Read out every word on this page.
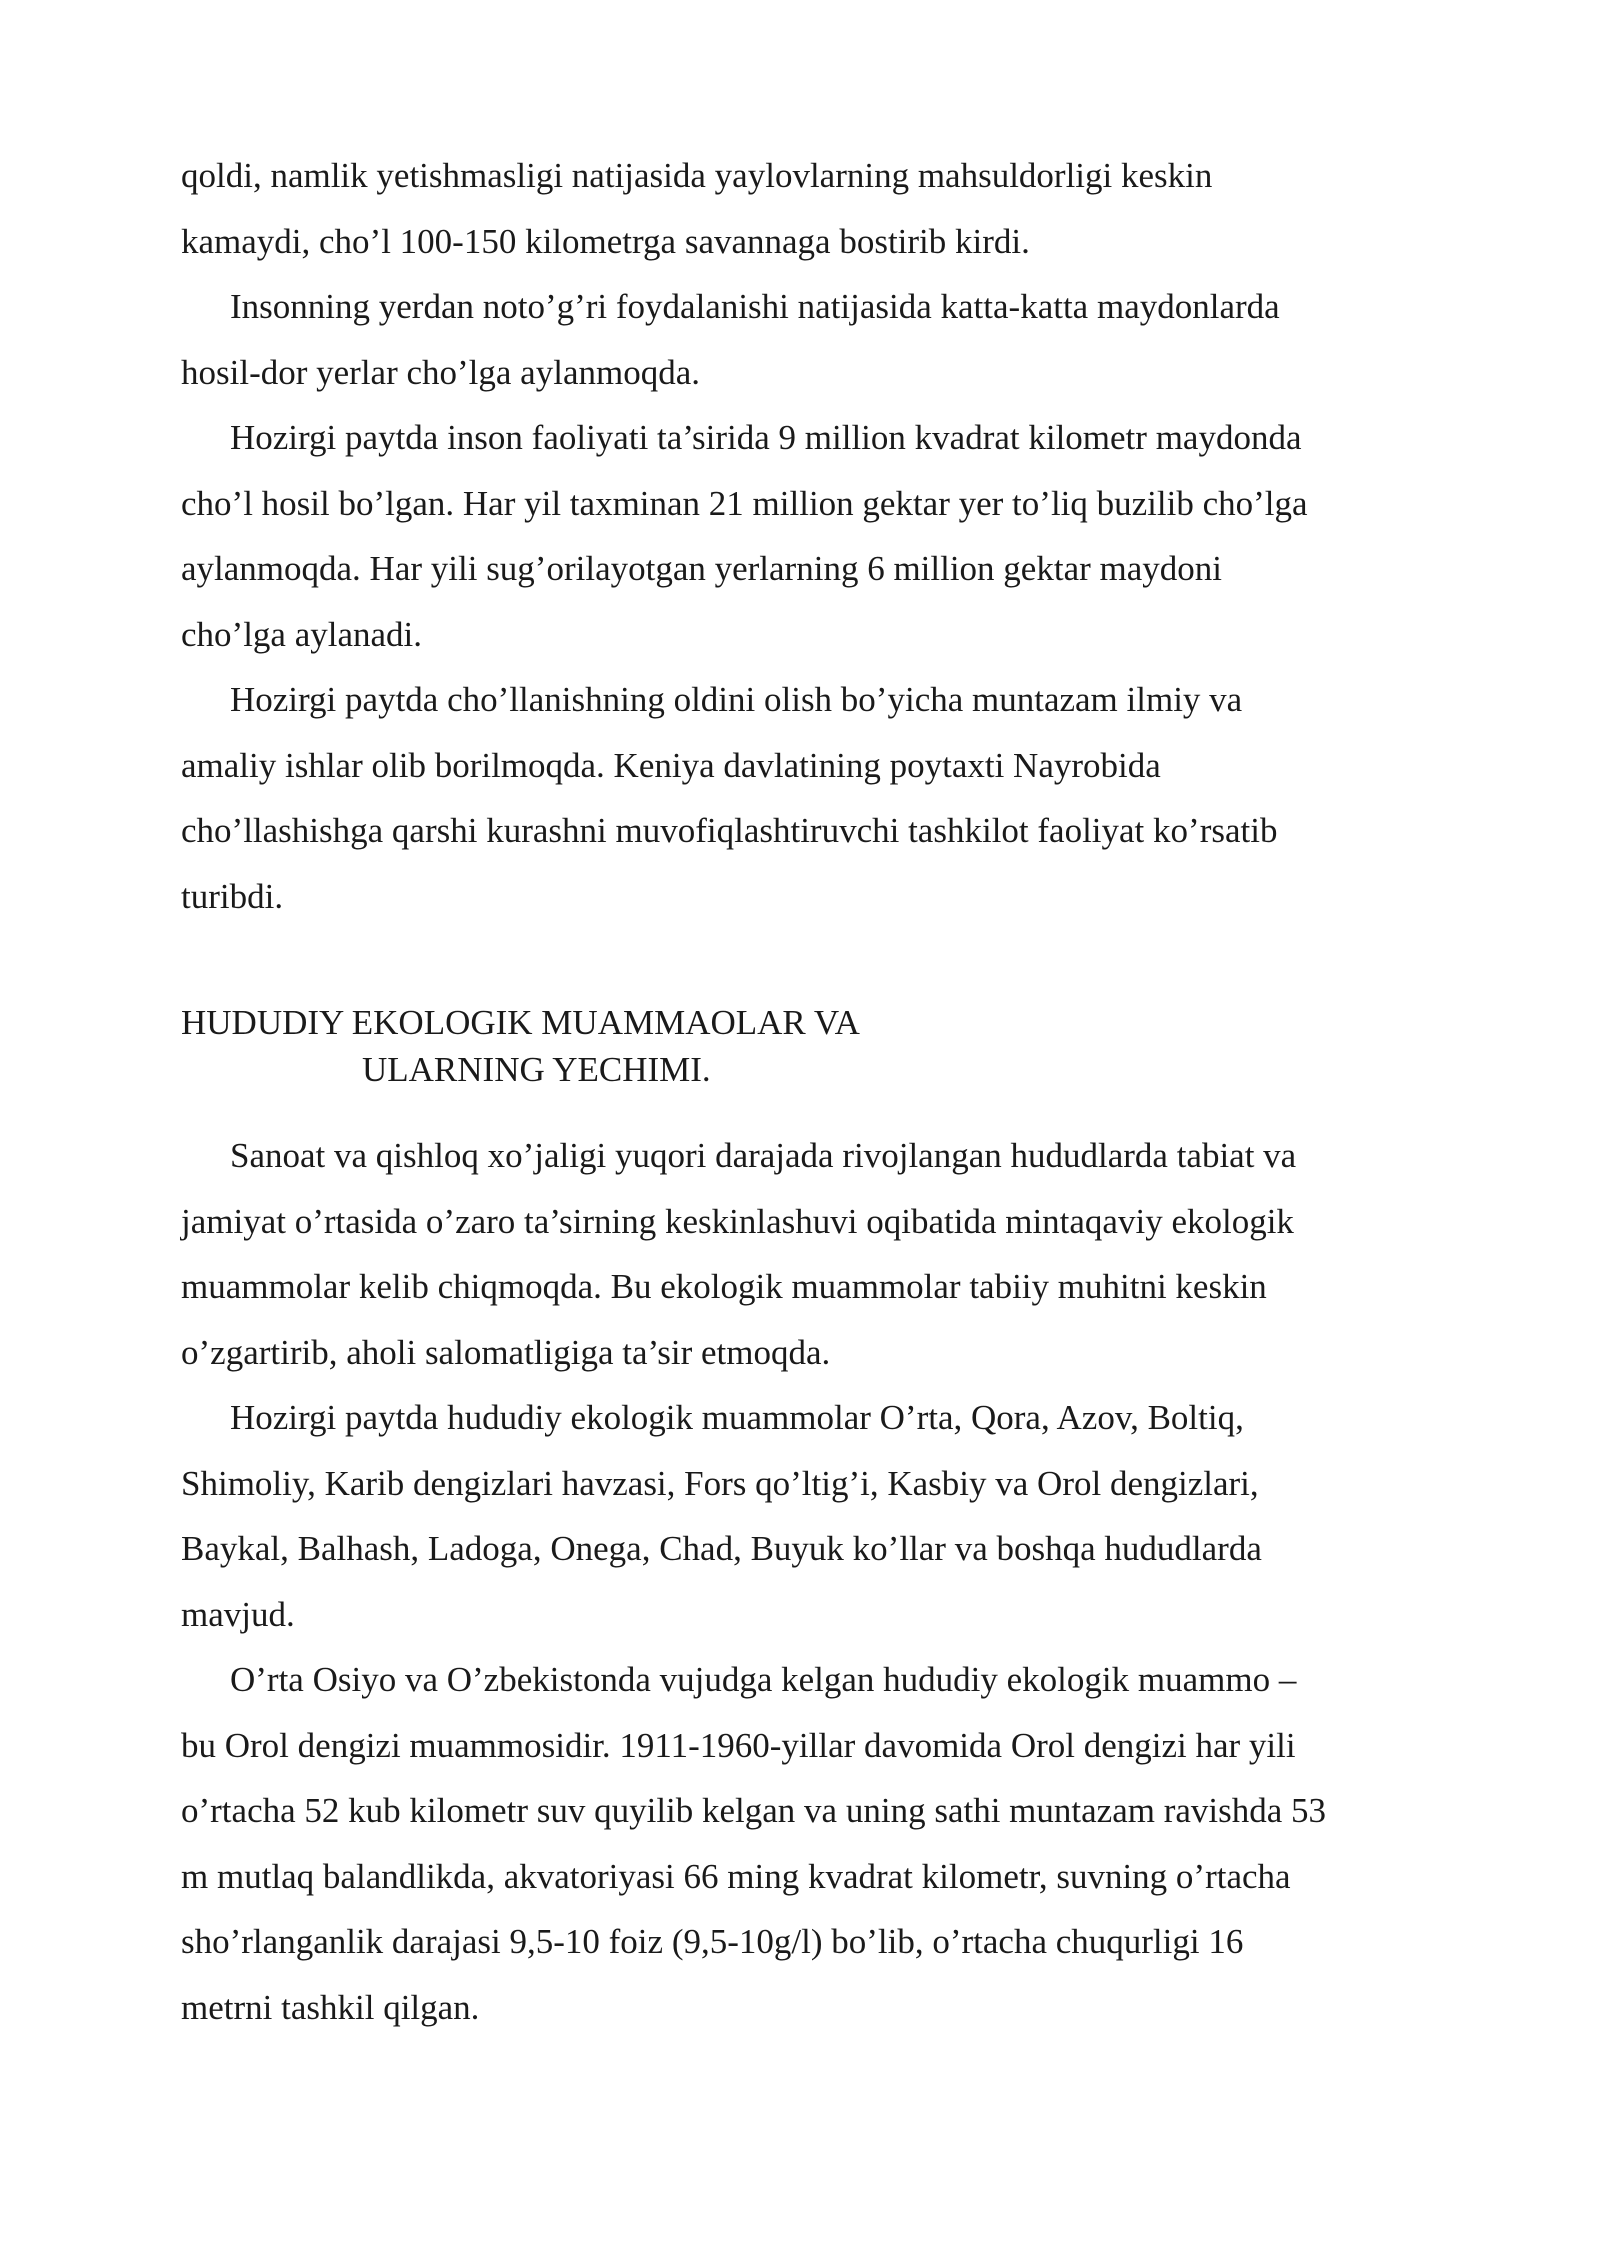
qoldi, namlik yetishmasligi natijasida yaylovlarning mahsuldorligi keskin
kamaydi, cho’l 100-150 kilometrga savannaga bostirib kirdi.
Insonning yerdan noto’g’ri foydalanishi natijasida katta-katta maydonlarda
hosil-dor yerlar cho’lga aylanmoqda.
Hozirgi paytda inson faoliyati ta’sirida 9 million kvadrat kilometr maydonda
cho’l hosil bo’lgan. Har yil taxminan 21 million gektar yer to’liq buzilib cho’lga
aylanmoqda. Har yili sug’orilayotgan yerlarning 6 million gektar maydoni
cho’lga aylanadi.
Hozirgi paytda cho’llanishning oldini olish bo’yicha muntazam ilmiy va
amaliy ishlar olib borilmoqda. Keniya davlatining poytaxti Nayrobida
cho’llashishga qarshi kurashni muvofiqlashtiruvchi tashkilot faoliyat ko’rsatib
turibdi.
HUDUDIY EKOLOGIK MUAMMAOLAR VA
ULARNING YECHIMI.
Sanoat va qishloq xo’jaligi yuqori darajada rivojlangan hududlarda tabiat va
jamiyat o’rtasida o’zaro ta’sirning keskinlashuvi oqibatida mintaqaviy ekologik
muammolar kelib chiqmoqda. Bu ekologik muammolar tabiiy muhitni keskin
o’zgartirib, aholi salomatligiga ta’sir etmoqda.
Hozirgi paytda hududiy ekologik muammolar O’rta, Qora, Azov, Boltiq,
Shimoliy, Karib dengizlari havzasi, Fors qo’ltig’i, Kasbiy va Orol dengizlari,
Baykal, Balhash, Ladoga, Onega, Chad, Buyuk ko’llar va boshqa hududlarda
mavjud.
O’rta Osiyo va O’zbekistonda vujudga kelgan hududiy ekologik muammo –
bu Orol dengizi muammosidir. 1911-1960-yillar davomida Orol dengizi har yili
o’rtacha 52 kub kilometr suv quyilib kelgan va uning sathi muntazam ravishda 53
m mutlaq balandlikda, akvatoriyasi 66 ming kvadrat kilometr, suvning o’rtacha
sho’rlanganlik darajasi 9,5-10 foiz (9,5-10g/l) bo’lib, o’rtacha chuqurligi 16
metrni tashkil qilgan.
